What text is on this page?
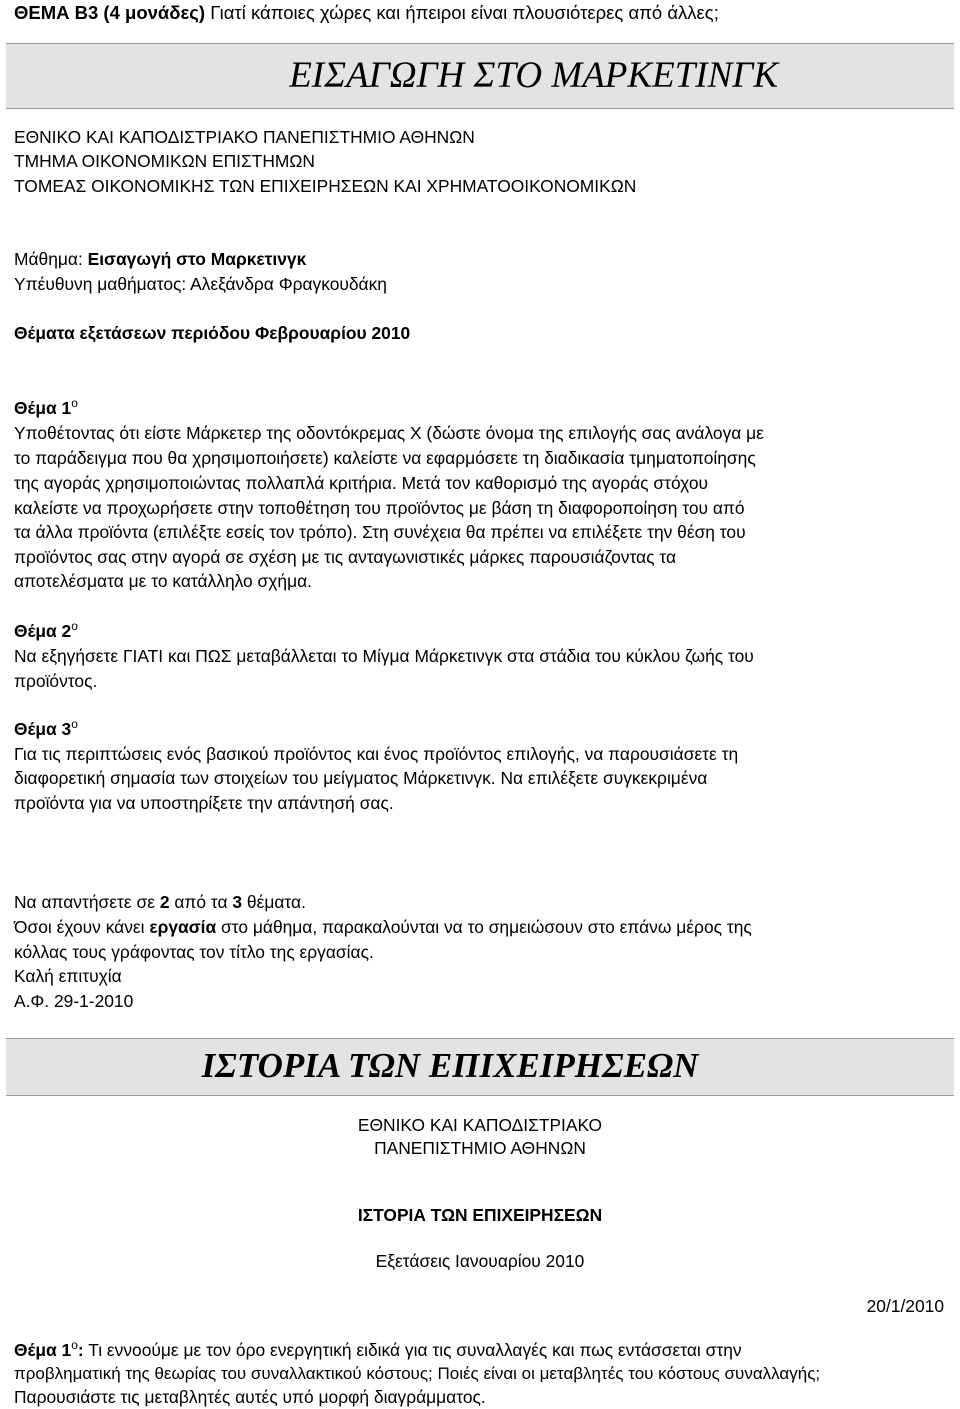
ΘΕΜΑ Β3 (4 μονάδες) Γιατί κάποιες χώρες και ήπειροι είναι πλουσιότερες από άλλες;
ΕΙΣΑΓΩΓΗ ΣΤΟ ΜΑΡΚΕΤΙΝΓΚ
ΕΘΝΙΚΟ ΚΑΙ ΚΑΠΟΔΙΣΤΡΙΑΚΟ ΠΑΝΕΠΙΣΤΗΜΙΟ ΑΘΗΝΩΝ
ΤΜΗΜΑ ΟΙΚΟΝΟΜΙΚΩΝ ΕΠΙΣΤΗΜΩΝ
ΤΟΜΕΑΣ ΟΙΚΟΝΟΜΙΚΗΣ ΤΩΝ ΕΠΙΧΕΙΡΗΣΕΩΝ ΚΑΙ ΧΡΗΜΑΤΟΟΙΚΟΝΟΜΙΚΩΝ
Μάθημα: Εισαγωγή στο Μαρκετινγκ
Υπέυθυνη μαθήματος: Αλεξάνδρα Φραγκουδάκη
Θέματα εξετάσεων περιόδου Φεβρουαρίου 2010
Θέμα $1^o$
Υποθέτοντας ότι είστε Μάρκετερ της οδοντόκρεμας Χ (δώστε όνομα της επιλογής σας ανάλογα με
το παράδειγμα που θα χρησιμοποιήσετε) καλείστε να εφαρμόσετε τη διαδικασία τμηματοποίησης
της αγοράς χρησιμοποιώντας πολλαπλά κριτήρια. Μετά τον καθορισμό της αγοράς στόχου
καλείστε να προχωρήσετε στην τοποθέτηση του προϊόντος με βάση τη διαφοροποίηση του από
τα άλλα προϊόντα (επιλέξτε εσείς τον τρόπο). Στη συνέχεια θα πρέπει να επιλέξετε την θέση του
προϊόντος σας στην αγορά σε σχέση με τις ανταγωνιστικές μάρκες παρουσιάζοντας τα
αποτελέσματα με το κατάλληλο σχήμα.
Θέμα $2^o$
Να εξηγήσετε ΓΙΑΤΙ και ΠΩΣ μεταβάλλεται το Μίγμα Μάρκετινγκ στα στάδια του κύκλου ζωής του
προϊόντος.
Θέμα $3^o$
Για τις περιπτώσεις ενός βασικού προϊόντος και ένος προϊόντος επιλογής, να παρουσιάσετε τη
διαφορετική σημασία των στοιχείων του μείγματος Μάρκετινγκ. Να επιλέξετε συγκεκριμένα
προϊόντα για να υποστηρίξετε την απάντησή σας.
Να απαντήσετε σε 2 από τα 3 θέματα.
Όσοι έχουν κάνει εργασία στο μάθημα, παρακαλούνται να το σημειώσουν στο επάνω μέρος της
κόλλας τους γράφοντας τον τίτλο της εργασίας.
Καλή επιτυχία
Α.Φ. 29-1-2010
ΙΣΤΟΡΙΑ ΤΩΝ ΕΠΙΧΕΙΡΗΣΕΩΝ
ΕΘΝΙΚΟ ΚΑΙ ΚΑΠΟΔΙΣΤΡΙΑΚΟ
ΠΑΝΕΠΙΣΤΗΜΙΟ ΑΘΗΝΩΝ
ΙΣΤΟΡΙΑ ΤΩΝ ΕΠΙΧΕΙΡΗΣΕΩΝ
Εξετάσεις Ιανουαρίου 2010
20/1/2010
Θέμα $1^o$: Τι εννοούμε με τον όρο ενεργητική ειδικά για τις συναλλαγές και πως εντάσσεται στην
προβληματική της θεωρίας του συναλλακτικού κόστους; Ποιές είναι οι μεταβλητές του κόστους συναλλαγής;
Παρουσιάστε τις μεταβλητές αυτές υπό μορφή διαγράμματος.
